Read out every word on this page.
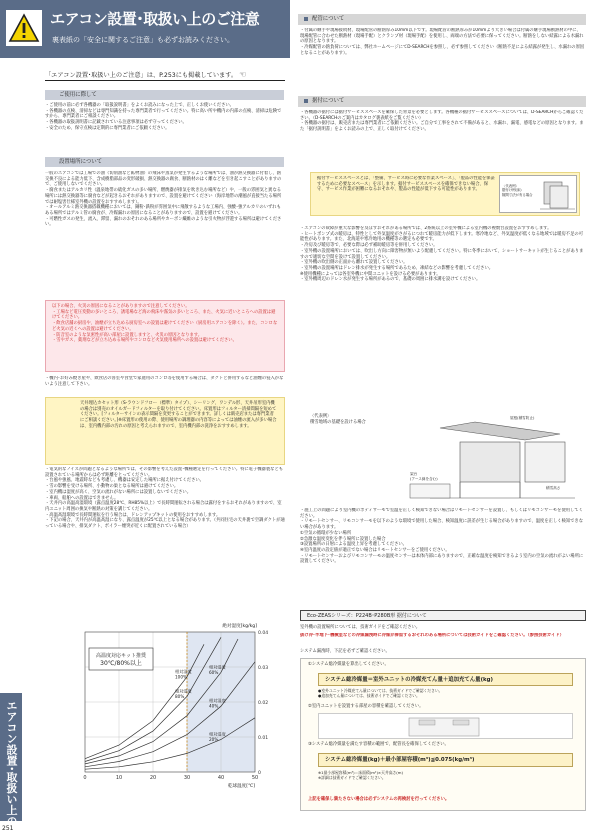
エアコン設置･取扱い上のご注意
裏表紙の「安全に関するご注意」も必ずお読みください。
「エアコン設置･取扱い上のご注意」は、P.253にも掲載しています。 ☜
ご使用に際して
・ご使用の前に必ず各機器の「取扱説明書」をよくお読みになった上で、正しくお使いください。
・各機器の点検、清掃などは専門知識を持った専門業者で行ってください。特に高い所や機内の内部の点検、清掃は危険ですから、専門業者にご相談ください。
・各機器の取扱説明書に記載されている注意事項は必ず守ってください。
・安全のため、保守点検は定期的に専門業者にご依頼ください。
設置場所について
一般のエアコンでは工場での油（切削油など鉱物油）の飛沫や蒸気が発生するような場所では、油が熱交換器に付着し、熱交換不良による能力低下、含成樹脂部品の変形破損、熱交換器の腐食、断熱材のはく離などを引き起こすことがありますので、ご使用しないでください。
・腐食またはアルカリ性（温泉地帯の硫化ガスの多い場所、燃焼器が排気を吹き込む場所など）や、一般の雰囲気と異なる場所には熱交換器等に腐食などが起きるおそれがありますので、設置を避けてください（海岸地帯の潮風が直接当たる場所では耐塩害仕様室外機の設置をおすすめします）。
・オールアルミ熱交換器搭載機種においては、銅粉･鉄粉が雰囲気中に飛散するような工場内、強酸･強アルカリのいずれもある場所ではアルミ管の腐食が、冷媒漏れの原因になることがありますので、設置を避けてください。
・可燃性ガスの発生、流入、滞留、漏れのおそれのある場所やカーボン繊維のような引火物が浮遊する場所は避けてください。
以下の場合、火災の原因になることがありますので注意してください。
・工場など電圧変動の多いところ、誘電場など海の飛沫や霧気の多いところ、また、火気に近いところへの設置は避けてください。
・飲食店舗の厨房や、油煙が立ち込める厨房室への設置は避けてください（厨房用エアコンを除く）。また、コンロなど火気の近くへの設置は避けてください。
・防音室のような気密性が高い部屋に設置しますと、火災の原因となります。
・雪やガス、薬剤などが立ち込める場所やコンロなど火気使用場所への設置は避けてください。
・機内･お好み焼き屋や、飲食店の客室や食堂で家庭用のコンロ等を使用する場合は、ダクトと併用するなど油煙の侵入がないよう注意して下さい。
天井埋込カセット形（S-ラウンドフロー（標準）タイプ）、シーリング、ワンデル形、天井吊形室内機の場合は別売のオイルガードフィルターを取り付けてください。床置形はフィルター清掃間隔を短めてください。[フィルターサインの表示間隔を変更することができます。詳しくは販売店または専門業者にご相談ください。]※床置形の使用の際、使用場所の調理器の内容等によっては油煙の流入が多い場合は、室内機内部の汚れの原因と考えられますので、室内機内部の洗浄をおすすめします。
・電気的なノイズが問題となるような場所では、その影響を考えた設置･機種選定を行ってください。特に電子機器製なども設置されている場所からは必ず距離をとってください。
・台風や強風、地震時なども考慮し、機器は安定した場所に据え付けてください。
・雪の影響を受ける場所、小動物の巣となる場所は避けてください。
・室内機は湿度が高く、空気の流れがない場所には設置しないでください。
・車両、船舶への設置はできません。
・天井内の高温高湿環境（露点温度28℃、RH85%以上）で長時間運転される場合は露付をするおそれがありますので、室内ユニット周囲の換気や断熱の対策を講じてください。
・高温高湿環境で長時間運転を行う場合は、ドレンアップキットの使用をおすすめします。
・下記の場合、天井内が高温高湿になり、露点温度が25℃以上となる場合があります。（共同住宅の天井裏で空調ダクトが通っている場合や、排気ダクト、ボイラー煙突が近くに配置されている場合）
0	10	20	30	40	50
0
0.01
0.02
0.03
0.04
相対湿度
100%
相対湿度
80%
相対湿度
60%
相対湿度
40%
相対湿度
20%
高温度対応キット推奨
30℃/80%以上
乾球温度[℃]
絶対湿度[kg/kg]
エアコン設置･取扱い上の
251
配管について
・付属の継手や現場接続材、現場配管の断熱厚み10mm以下です。現場配管の断熱厚みが10mmより大きい場合は付属の継手現場断熱材の中に、現場配管に合わせた断熱材（現場手配）とクランプ材（現場手配）を使用し、両端の方法で必要に保ってください。断熱をしない結露による水漏れの原因となります。
・冷媒配管の熱負荷については、弊社ホームページにてD-SEARCHを参照し、必ず参照してください（断熱不足による結露が発生し、水漏れの原因となることがあります）。
据付について
・各機器の据付には据付サービススペースを確保した背景を必要とします。各機種の据付サービススペースについては、D-SEARCHからご確認ください。（D-SEARCHのご案内はカタログ裏表紙をご覧ください）
・各機器の据付は、販売店または専門業者にご依頼ください。ご自分で工事をされて不備があると、水漏れ、漏電、感電などの原因となります。また「据付説明書」をよくお読みの上で、正しく取付けてください。
据付サービススペースとは、「整備、サービス時に必要な作業スペース」、「製品の性能を保証するために必要なスペース」を示します。据付サービススペースを確保できない場合、保守、サービス作業が困難になるおそれや、製品の性能が低下する可能性があります。
〈代表例〉
据付け例(床)
隙間寸法が有る場合
・エアコンの故障が重大な影響を及ぼすおそれがある場所では、2系統以上の室外機による室内機の複数台設置をおすすめします。
・ヒートポンプ式の暖房は、特性として外気温度がさがるにつれて暖房能力が低下します。寒冷地など、外気温度が低くなる地域では暖房不足の可能性があります。また、北海道や寒冷地用の機種等の選定も必要です。
・冷房及び暖房等で、必要な際は必ず補助暖房等を併用してください。
・室外機の設置場所においては、吹出し方向に障害物が無いよう配慮してください。特に冬季において、ショートサーキットが生じることがありますので適切な空間を設けて設置してください。
・室外機の吹出側の正面から離れて設置してください。
・室外機の設置場所はドレン排水が発生する場所であるため、凍結などの影響を考慮してください。
※使用機種によっては各室外機に中間ユニットを設ける必要があります。
・室外機周辺のドレン水が発生する場所があるので、基礎の周囲に排水溝を設けてください。
〈代表例〉
積雪地域の基礎を設ける場合
屋根(積雪防止)
架台
(アース線を含む)
積雪高さ
・施工上の問題により室内機のボディサーモで室温を正しく検知できない場合はリモートセンサーを設置し、もしくはリモコンサーモを使用してください。
・リモートセンサー、リモコンサーモを以下のような環境で使用した場合、検知温度に誤差が生じる場合がありますので、温度を正しく検知できない場合があります。
①空気の循環が少ない場所
②急激な温度変化を伴う場所に設置した場合
③設置場所の日射による温度上昇を考慮してください。
④室内温度の設定値が適正でない場合はリモートセンサーをご使用ください。
・リモートセンサーおよびリモコンサーモの温度センサーは本体内部にありますので、正確な温度を検知できるよう室内の空気の流れがよい場所に設置してください。
Eco-ZEASシリーズ：P224B･P280B形 据付について
室外機の設置場所については、技術ガイドをご確認ください。
抜け冷･半地下･機械室などの冷媒漏洩時に冷媒が滞留するおそれのある場所については技術ガイドをご確認ください。（参照技術ガイド）
システム漏洩時、下記を必ずご確認ください。
①システム総冷媒量を算出してください。
システム総冷媒量＝室外ユニットの冷媒充てん量＋追加充てん量(kg)
●室外ユニット冷媒充てん量については、技術ガイドでご確認ください。
●追加充てん量については、技術ガイドでご確認ください。
②室内ユニットを設置する部屋の容積を確認してください。
③システム総冷媒量を満たす容積の範囲で、配管長を確保してください。
システム総冷媒量(kg)＋最小部屋容積(m³)≦0.075(kg/m³)
※1最小部屋容積(m³)＝床面積(m²)×天井高さ(m)
※詳細は技術ガイドでご確認ください。
上記を確保し満たさない場合は必ずシステムの再検討を行ってください。
